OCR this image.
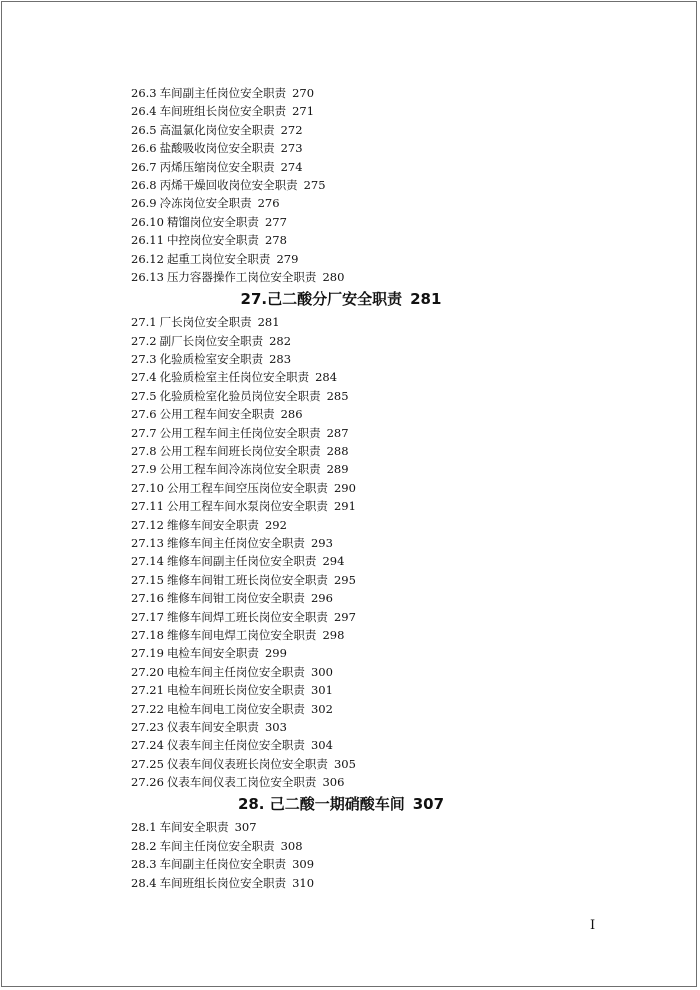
26.3 车间副主任岗位安全职责 270
26.4 车间班组长岗位安全职责 271
26.5 高温氯化岗位安全职责 272
26.6 盐酸吸收岗位安全职责 273
26.7 丙烯压缩岗位安全职责 274
26.8 丙烯干燥回收岗位安全职责 275
26.9 冷冻岗位安全职责 276
26.10 精馏岗位安全职责 277
26.11 中控岗位安全职责 278
26.12 起重工岗位安全职责 279
26.13 压力容器操作工岗位安全职责 280
27.己二酸分厂安全职责 281
27.1 厂长岗位安全职责 281
27.2 副厂长岗位安全职责 282
27.3 化验质检室安全职责 283
27.4 化验质检室主任岗位安全职责 284
27.5 化验质检室化验员岗位安全职责 285
27.6 公用工程车间安全职责 286
27.7 公用工程车间主任岗位安全职责 287
27.8 公用工程车间班长岗位安全职责 288
27.9 公用工程车间冷冻岗位安全职责 289
27.10 公用工程车间空压岗位安全职责 290
27.11 公用工程车间水泵岗位安全职责 291
27.12 维修车间安全职责 292
27.13 维修车间主任岗位安全职责 293
27.14 维修车间副主任岗位安全职责 294
27.15 维修车间钳工班长岗位安全职责 295
27.16 维修车间钳工岗位安全职责 296
27.17 维修车间焊工班长岗位安全职责 297
27.18 维修车间电焊工岗位安全职责 298
27.19 电检车间安全职责 299
27.20 电检车间主任岗位安全职责 300
27.21 电检车间班长岗位安全职责 301
27.22 电检车间电工岗位安全职责 302
27.23 仪表车间安全职责 303
27.24 仪表车间主任岗位安全职责 304
27.25 仪表车间仪表班长岗位安全职责 305
27.26 仪表车间仪表工岗位安全职责 306
28. 己二酸一期硝酸车间 307
28.1 车间安全职责 307
28.2 车间主任岗位安全职责 308
28.3 车间副主任岗位安全职责 309
28.4 车间班组长岗位安全职责 310
I
